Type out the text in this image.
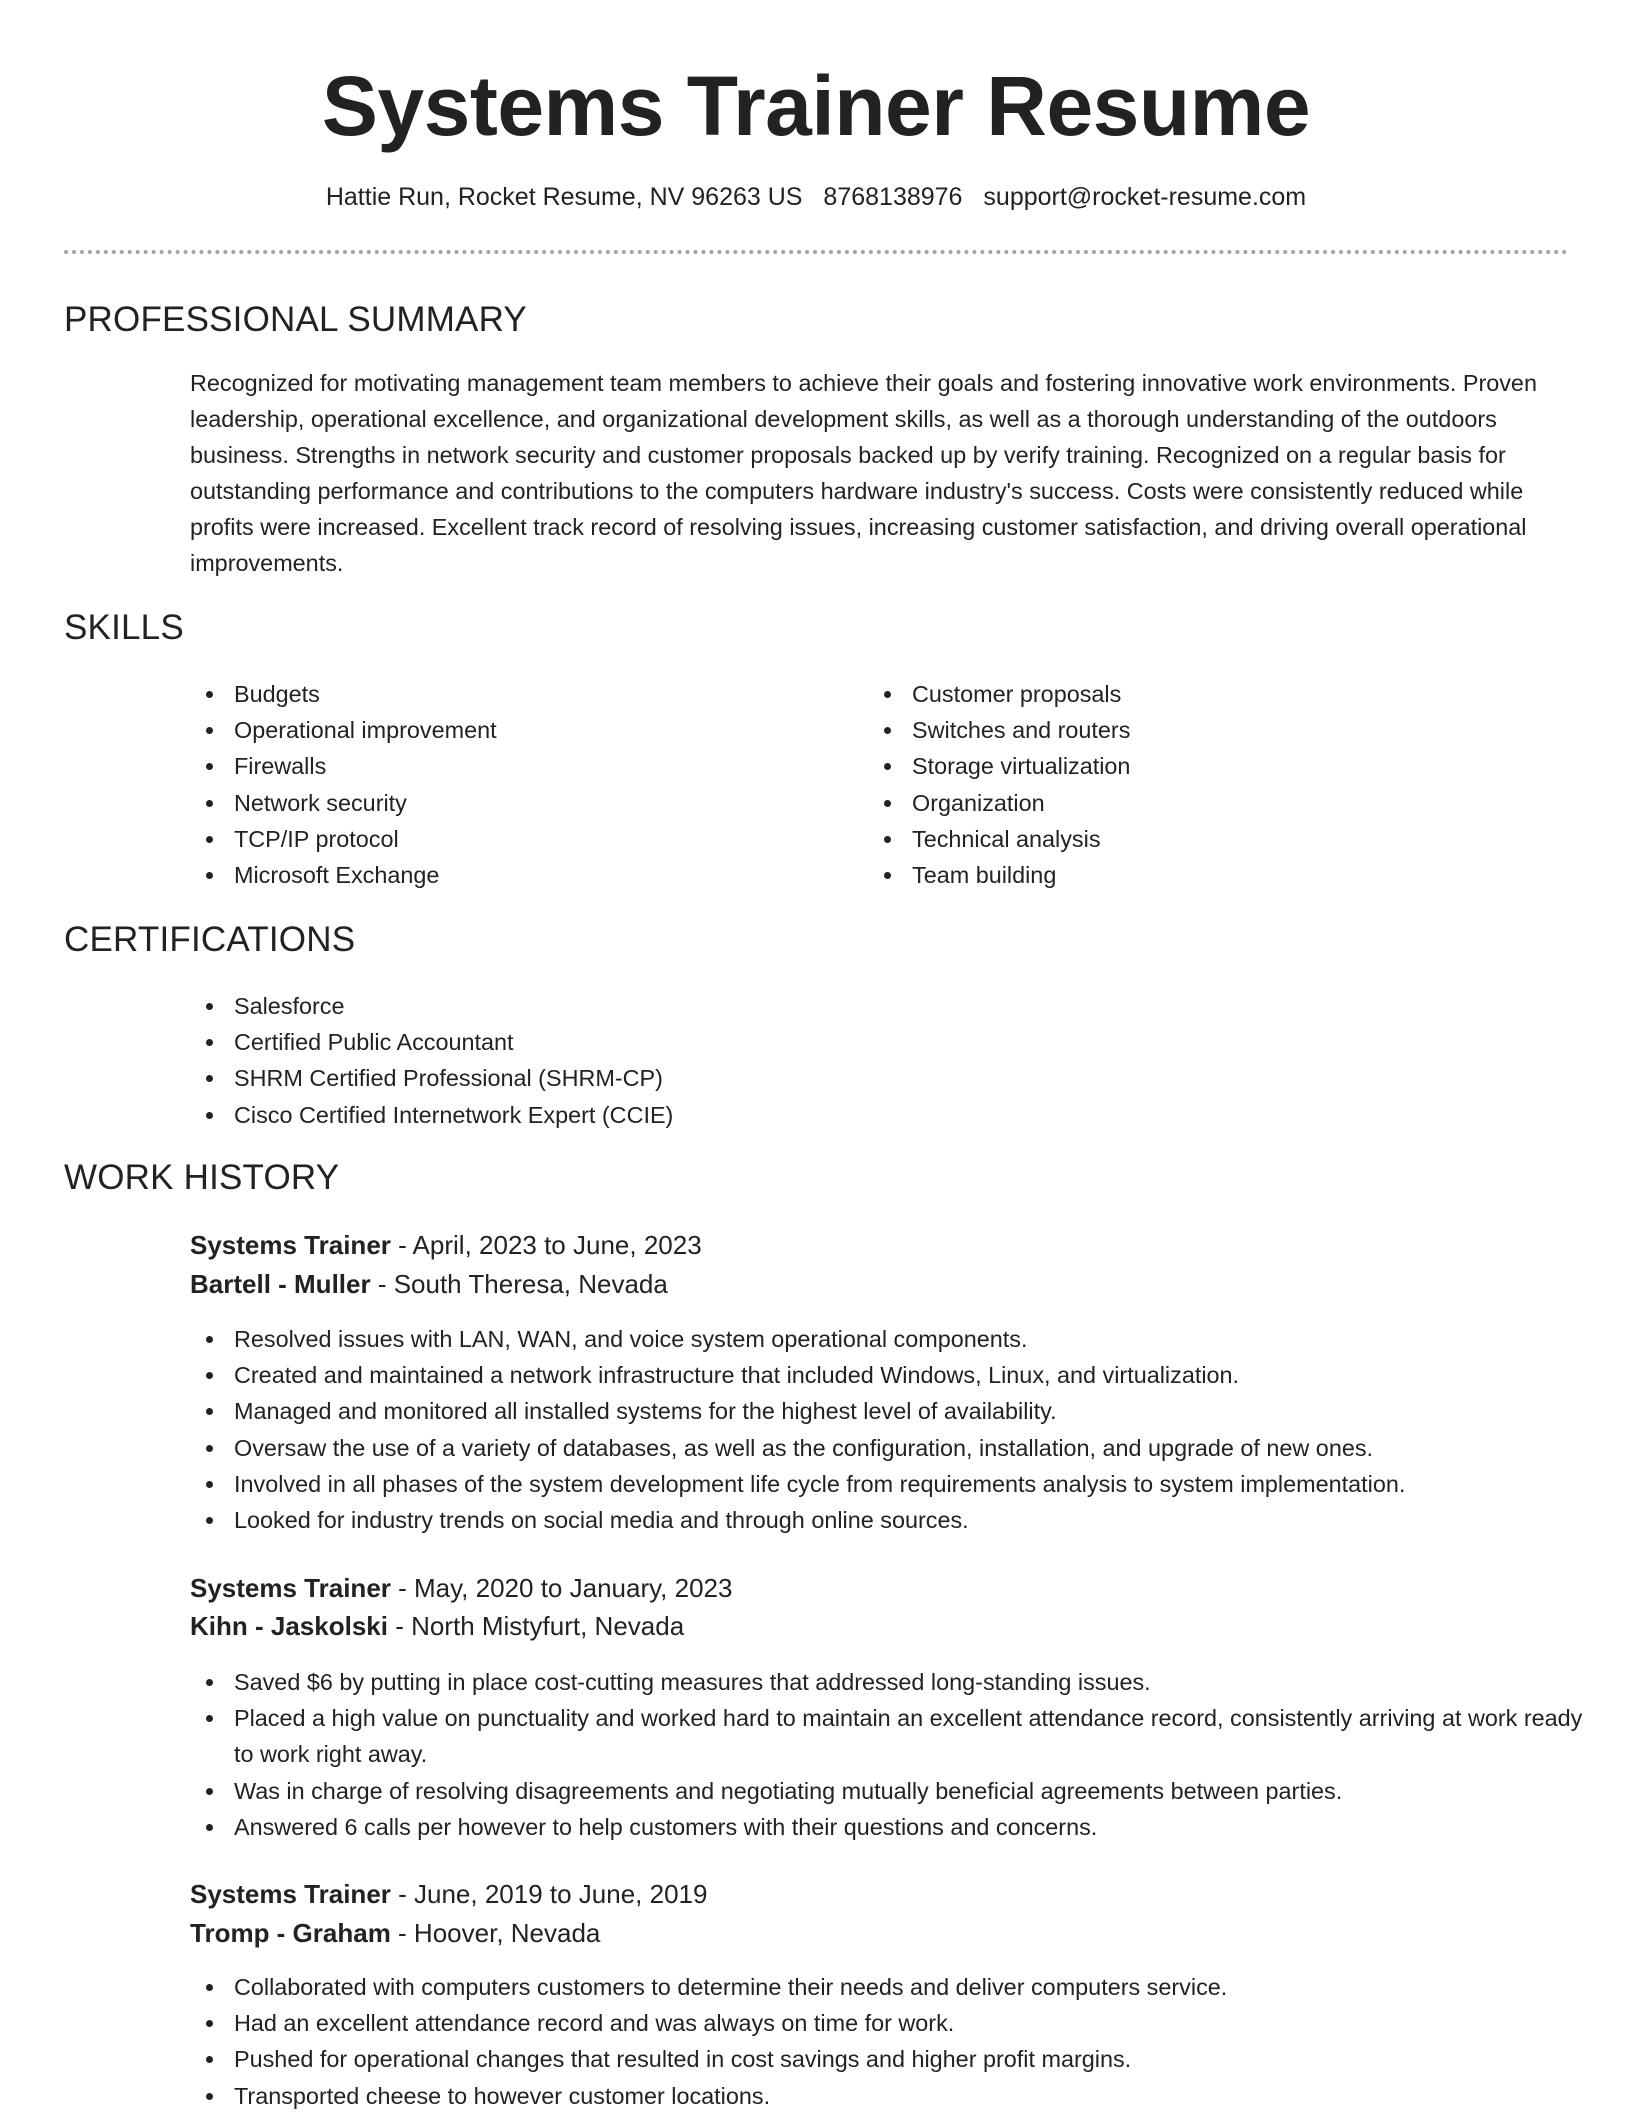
Systems Trainer Resume
Hattie Run, Rocket Resume, NV 96263 US 8768138976 support@rocket-resume.com
PROFESSIONAL SUMMARY

Recognized for motivating management team members to achieve their goals and fostering innovative work environments. Proven leadership, operational excellence, and organizational development skills, as well as a thorough understanding of the outdoors business. Strengths in network security and customer proposals backed up by verify training. Recognized on a regular basis for outstanding performance and contributions to the computers hardware industry's success. Costs were consistently reduced while profits were increased. Excellent track record of resolving issues, increasing customer satisfaction, and driving overall operational improvements.

SKILLS
Budgets
Operational improvement
Firewalls
Network security
TCP/IP protocol
Microsoft Exchange
Customer proposals
Switches and routers
Storage virtualization
Organization
Technical analysis
Team building
CERTIFICATIONS
Salesforce
Certified Public Accountant
SHRM Certified Professional (SHRM-CP)
Cisco Certified Internetwork Expert (CCIE)
WORK HISTORY
Systems Trainer - April, 2023 to June, 2023
Bartell - Muller - South Theresa, Nevada
Resolved issues with LAN, WAN, and voice system operational components.
Created and maintained a network infrastructure that included Windows, Linux, and virtualization.
Managed and monitored all installed systems for the highest level of availability.
Oversaw the use of a variety of databases, as well as the configuration, installation, and upgrade of new ones.
Involved in all phases of the system development life cycle from requirements analysis to system implementation.
Looked for industry trends on social media and through online sources.
Systems Trainer - May, 2020 to January, 2023
Kihn - Jaskolski - North Mistyfurt, Nevada
Saved $6 by putting in place cost-cutting measures that addressed long-standing issues.
Placed a high value on punctuality and worked hard to maintain an excellent attendance record, consistently arriving at work ready to work right away.
Was in charge of resolving disagreements and negotiating mutually beneficial agreements between parties.
Answered 6 calls per however to help customers with their questions and concerns.
Systems Trainer - June, 2019 to June, 2019
Tromp - Graham - Hoover, Nevada
Collaborated with computers customers to determine their needs and deliver computers service.
Had an excellent attendance record and was always on time for work.
Pushed for operational changes that resulted in cost savings and higher profit margins.
Transported cheese to however customer locations.
